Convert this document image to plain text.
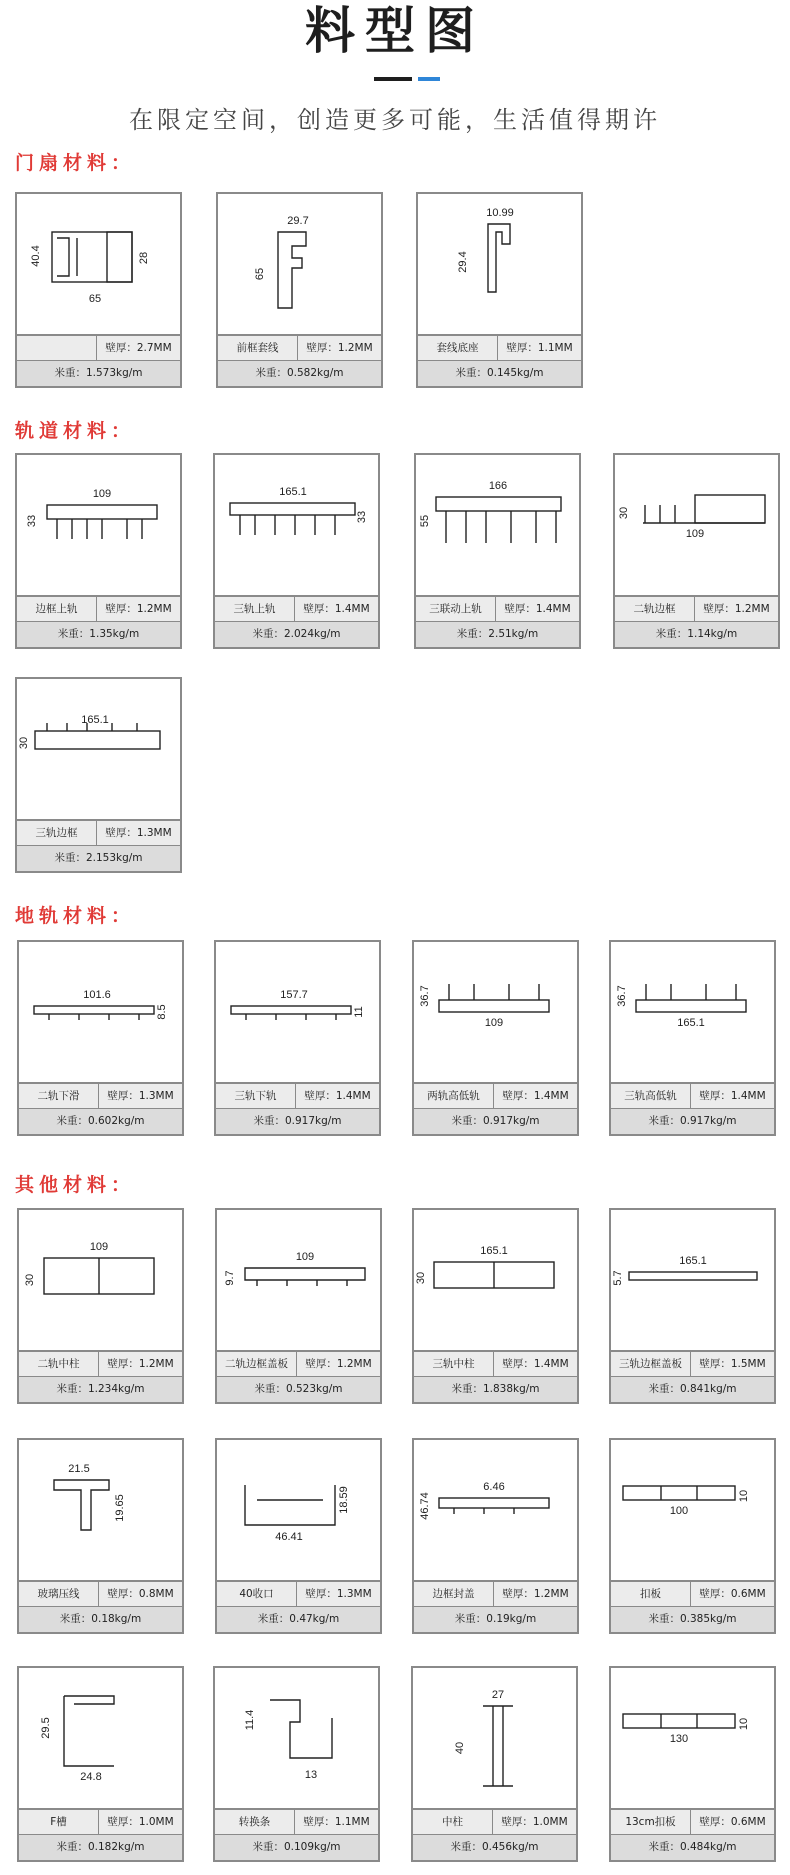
料型图
在限定空间，创造更多可能，生活值得期许
门扇材料：
轨道材料：
地轨材料：
其他材料：
40.4	28
65
壁厚：2.7MM
米重：1.573kg/m
29.7
65
前框套线	壁厚：1.2MM
米重：0.582kg/m
10.99
29.4
套线底座	壁厚：1.1MM
米重：0.145kg/m
109
33
边框上轨	壁厚：1.2MM
米重：1.35kg/m
165.1
33
三轨上轨	壁厚：1.4MM
米重：2.024kg/m
166
55
三联动上轨	壁厚：1.4MM
米重：2.51kg/m
30
109
二轨边框	壁厚：1.2MM
米重：1.14kg/m
165.1
30
三轨边框	壁厚：1.3MM
米重：2.153kg/m
101.6
8.5
二轨下滑	壁厚：1.3MM
米重：0.602kg/m
157.7
11
三轨下轨	壁厚：1.4MM
米重：0.917kg/m
36.7
109
两轨高低轨	壁厚：1.4MM
米重：0.917kg/m
36.7
165.1
三轨高低轨	壁厚：1.4MM
米重：0.917kg/m
109
30
二轨中柱	壁厚：1.2MM
米重：1.234kg/m
109
9.7
二轨边框盖板	壁厚：1.2MM
米重：0.523kg/m
165.1
30
三轨中柱	壁厚：1.4MM
米重：1.838kg/m
165.1
5.7
三轨边框盖板	壁厚：1.5MM
米重：0.841kg/m
21.5
19.65
玻璃压线	壁厚：0.8MM
米重：0.18kg/m
18.59
46.41
40收口	壁厚：1.3MM
米重：0.47kg/m
6.46
46.74
边框封盖	壁厚：1.2MM
米重：0.19kg/m
10
100
扣板	壁厚：0.6MM
米重：0.385kg/m
29.5
24.8
F槽	壁厚：1.0MM
米重：0.182kg/m
11.4
13
转换条	壁厚：1.1MM
米重：0.109kg/m
27
40
中柱	壁厚：1.0MM
米重：0.456kg/m
10
130
13cm扣板	壁厚：0.6MM
米重：0.484kg/m
